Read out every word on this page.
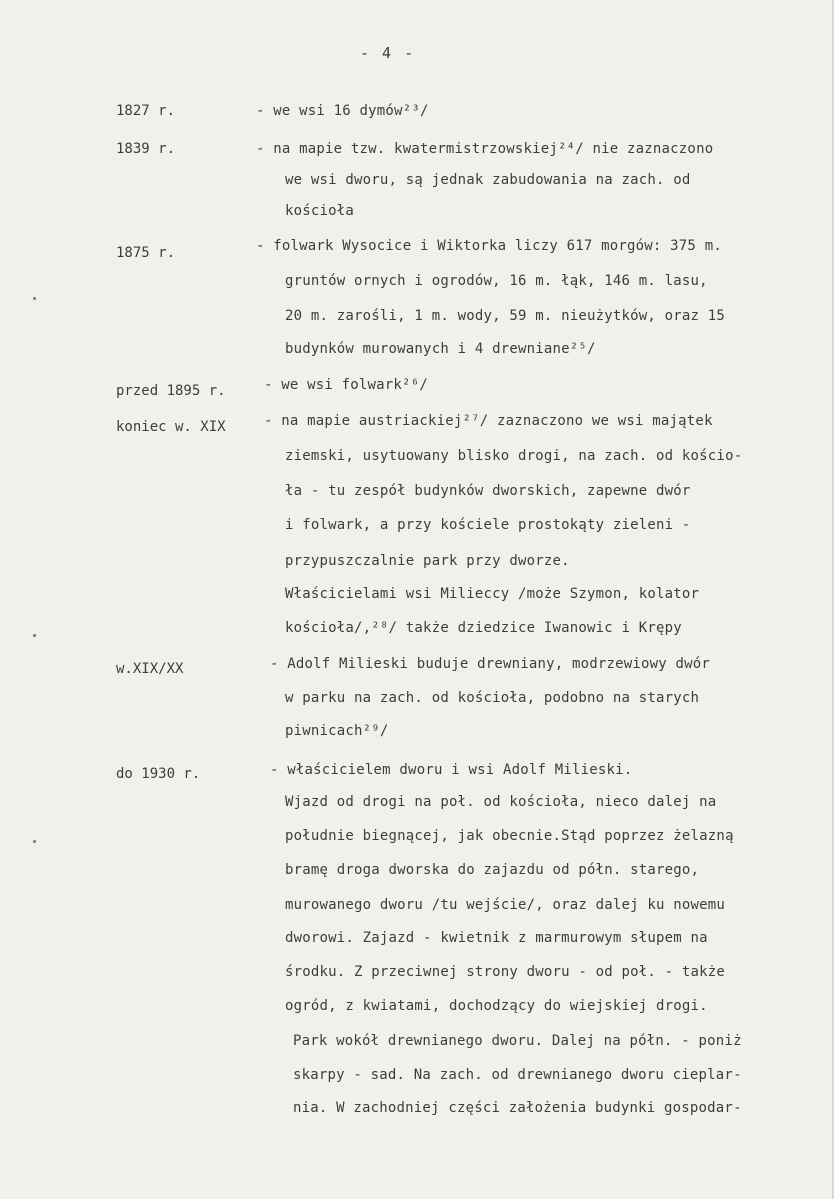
- 4 -
1827 r.	- we wsi 16 dymów²³/
1839 r.	- na mapie tzw. kwatermistrzowskiej²⁴/ nie zaznaczono
we wsi dworu, są jednak zabudowania na zach. od
kościoła
1875 r.	- folwark Wysocice i Wiktorka liczy 617 morgów: 375 m.
gruntów ornych i ogrodów, 16 m. łąk, 146 m. lasu,
20 m. zarośli, 1 m. wody, 59 m. nieużytków, oraz 15
budynków murowanych i 4 drewniane²⁵/
przed 1895 r.	- we wsi folwark²⁶/
koniec w. XIX	- na mapie austriackiej²⁷/ zaznaczono we wsi majątek
ziemski, usytuowany blisko drogi, na zach. od kościo-
ła - tu zespół budynków dworskich, zapewne dwór
i folwark, a przy kościele prostokąty zieleni -
przypuszczalnie park przy dworze.
Właścicielami wsi Milieccy /może Szymon, kolator
kościoła/,²⁸/ także dziedzice Iwanowic i Krępy
w.XIX/XX	- Adolf Milieski buduje drewniany, modrzewiowy dwór
w parku na zach. od kościoła, podobno na starych
piwnicach²⁹/
do 1930 r.	- właścicielem dworu i wsi Adolf Milieski.
Wjazd od drogi na poł. od kościoła, nieco dalej na
południe biegnącej, jak obecnie.Stąd poprzez żelazną
bramę droga dworska do zajazdu od półn. starego,
murowanego dworu /tu wejście/, oraz dalej ku nowemu
dworowi. Zajazd - kwietnik z marmurowym słupem na
środku. Z przeciwnej strony dworu - od poł. - także
ogród, z kwiatami, dochodzący do wiejskiej drogi.
Park wokół drewnianego dworu. Dalej na półn. - poniż
skarpy - sad. Na zach. od drewnianego dworu cieplar-
nia. W zachodniej części założenia budynki gospodar-
